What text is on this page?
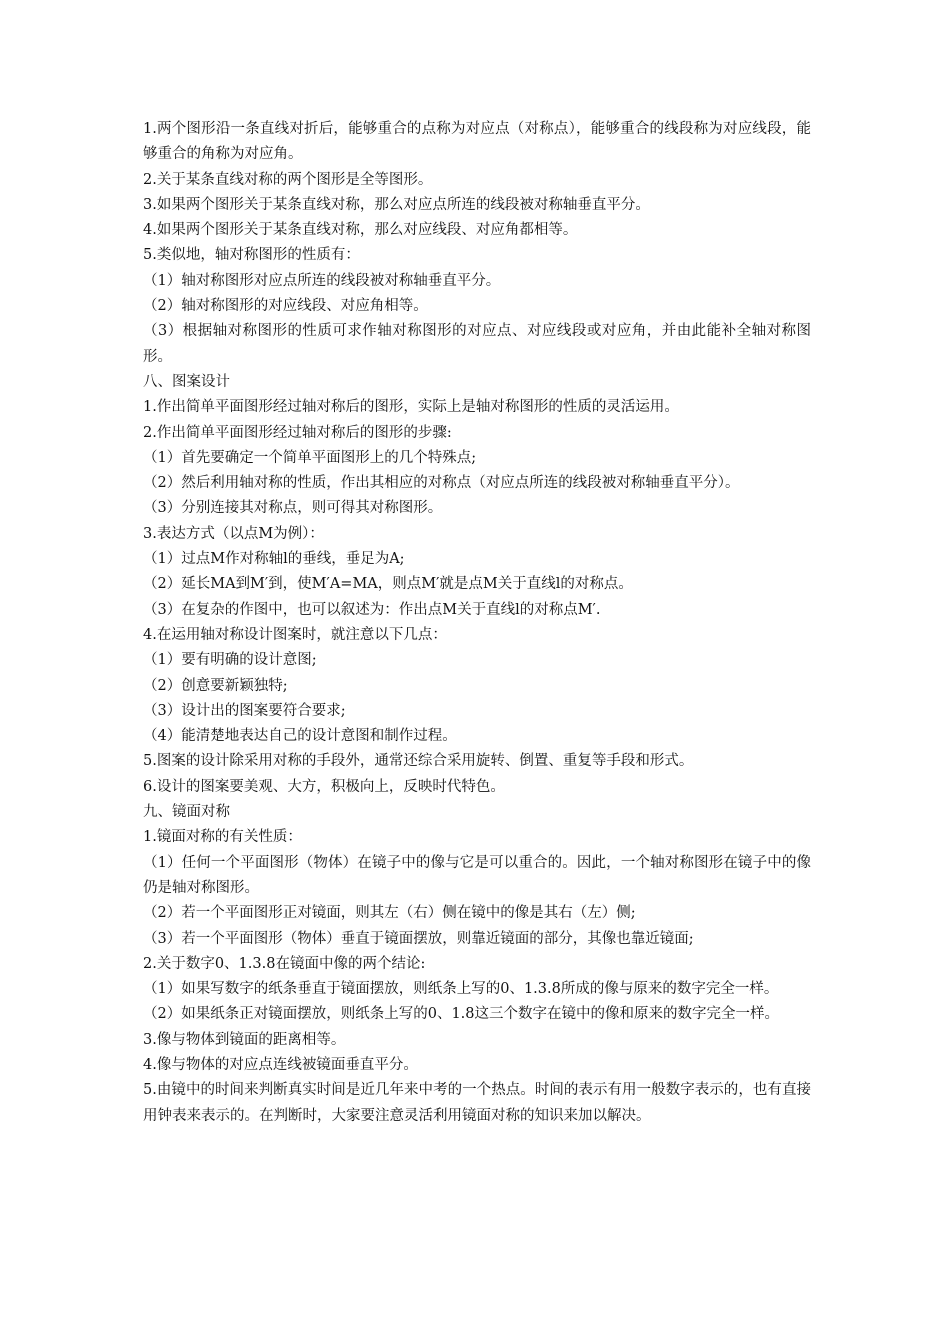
1.两个图形沿一条直线对折后，能够重合的点称为对应点（对称点），能够重合的线段称为对应线段，能够重合的角称为对应角。

2.关于某条直线对称的两个图形是全等图形。

3.如果两个图形关于某条直线对称，那么对应点所连的线段被对称轴垂直平分。

4.如果两个图形关于某条直线对称，那么对应线段、对应角都相等。

5.类似地，轴对称图形的性质有：

（1）轴对称图形对应点所连的线段被对称轴垂直平分。

（2）轴对称图形的对应线段、对应角相等。

（3）根据轴对称图形的性质可求作轴对称图形的对应点、对应线段或对应角，并由此能补全轴对称图形。

八、图案设计

1.作出简单平面图形经过轴对称后的图形，实际上是轴对称图形的性质的灵活运用。

2.作出简单平面图形经过轴对称后的图形的步骤:

（1）首先要确定一个简单平面图形上的几个特殊点;

（2）然后利用轴对称的性质，作出其相应的对称点（对应点所连的线段被对称轴垂直平分）。

（3）分别连接其对称点，则可得其对称图形。

3.表达方式（以点M为例）：

（1）过点M作对称轴l的垂线，垂足为A;

（2）延长MA到M′到，使M′A=MA，则点M′就是点M关于直线l的对称点。

（3）在复杂的作图中，也可以叙述为：作出点M关于直线l的对称点M′.

4.在运用轴对称设计图案时，就注意以下几点：

（1）要有明确的设计意图;

（2）创意要新颖独特;

（3）设计出的图案要符合要求;

（4）能清楚地表达自己的设计意图和制作过程。

5.图案的设计除采用对称的手段外，通常还综合采用旋转、倒置、重复等手段和形式。

6.设计的图案要美观、大方，积极向上，反映时代特色。

九、镜面对称

1.镜面对称的有关性质：

（1）任何一个平面图形（物体）在镜子中的像与它是可以重合的。因此，一个轴对称图形在镜子中的像仍是轴对称图形。

（2）若一个平面图形正对镜面，则其左（右）侧在镜中的像是其右（左）侧;

（3）若一个平面图形（物体）垂直于镜面摆放，则靠近镜面的部分，其像也靠近镜面;

2.关于数字0、1.3.8在镜面中像的两个结论:

（1）如果写数字的纸条垂直于镜面摆放，则纸条上写的0、1.3.8所成的像与原来的数字完全一样。

（2）如果纸条正对镜面摆放，则纸条上写的0、1.8这三个数字在镜中的像和原来的数字完全一样。

3.像与物体到镜面的距离相等。

4.像与物体的对应点连线被镜面垂直平分。

5.由镜中的时间来判断真实时间是近几年来中考的一个热点。时间的表示有用一般数字表示的，也有直接用钟表来表示的。在判断时，大家要注意灵活利用镜面对称的知识来加以解决。
